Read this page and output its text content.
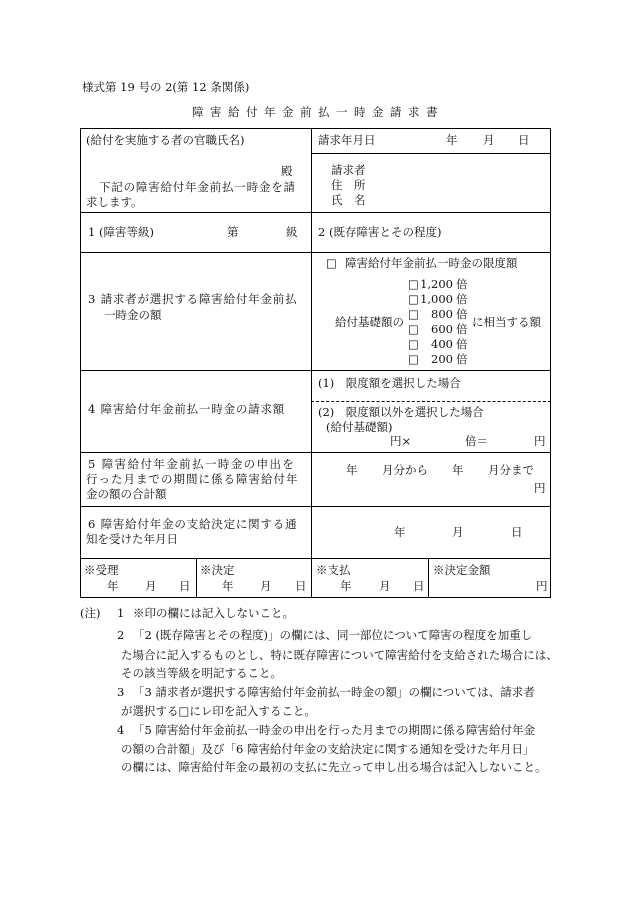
様式第 19 号の 2(第 12 条関係)
障害給付年金前払一時金請求書
(給付を実施する者の官職氏名)
殿
下記の障害給付年金前払一時金を請
求します。
請求年月日	年 月 日
請求者
住　所
氏　名
1 (障害等級)	第	級 2 (既存障害とその程度)
3 請求者が選択する障害給付年金前払
一時金の額
□ 障害給付年金前払一時金の限度額
給付基礎額の
□ 1,200 倍
□ 1,000 倍
□	800 倍
□	600 倍
□	400 倍
□	200 倍
に相当する額
4 障害給付年金前払一時金の請求額
(1)　限度額を選択した場合
(2)　限度額以外を選択した場合
(給付基礎額)
円×	倍＝	円
5 障害給付年金前払一時金の申出を
行った月までの期間に係る障害給付年
金の額の合計額
年 月分から 年 月分まで
円
6 障害給付年金の支給決定に関する通
知を受けた年月日	年	月	日
※受理
年 月 日
※決定
年 月 日
※支払
年 月 日
※決定金額
円
(注) 1 ※印の欄には記入しないこと。
2 「2 (既存障害とその程度)」の欄には、同一部位について障害の程度を加重し
た場合に記入するものとし、特に既存障害について障害給付を支給された場合には、
その該当等級を明記すること。
3 「3 請求者が選択する障害給付年金前払一時金の額」の欄については、請求者
が選択する□にレ印を記入すること。
4 「5 障害給付年金前払一時金の申出を行った月までの期間に係る障害給付年金
の額の合計額」及び「6 障害給付年金の支給決定に関する通知を受けた年月日」
の欄には、障害給付年金の最初の支払に先立って申し出る場合は記入しないこと。
